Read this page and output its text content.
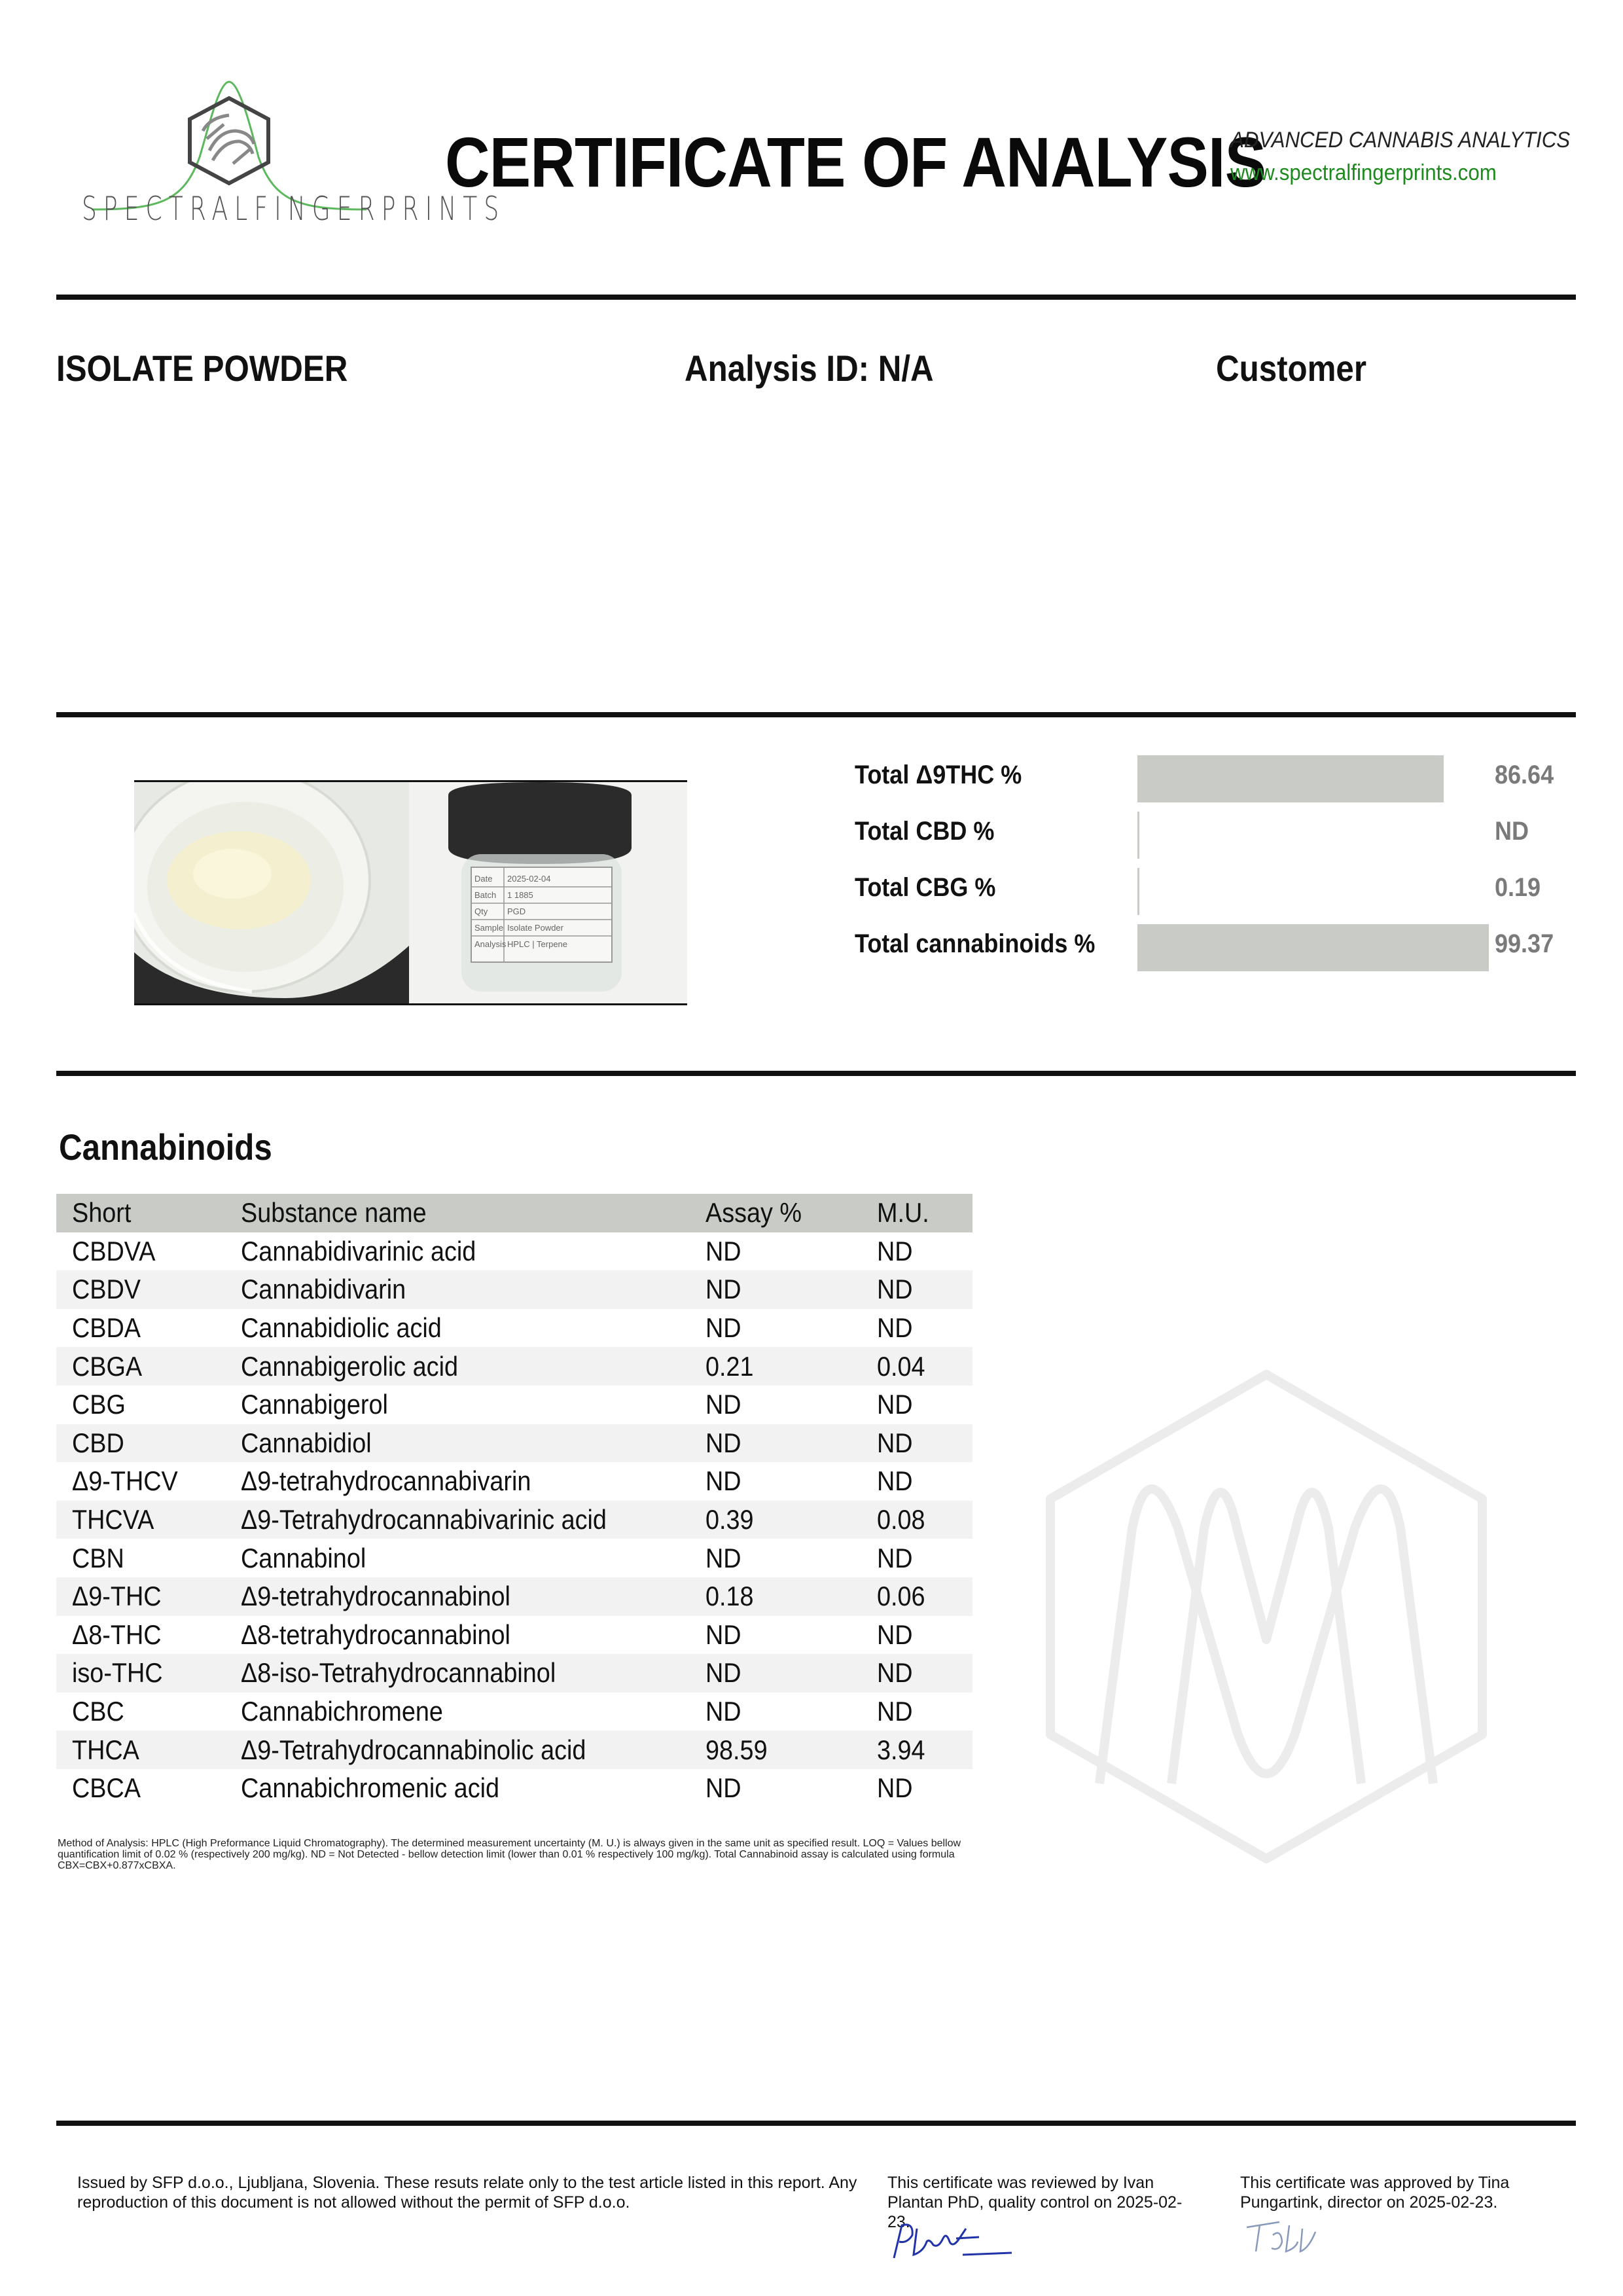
SPECTRALFINGERPRINTS
CERTIFICATE OF ANALYSIS
ADVANCED CANNABIS ANALYTICS
www.spectralfingerprints.com
ISOLATE POWDER	Analysis ID: N/A	Customer
Date 2025-02-04
Batch 1 1885
Qty PGD
Sample Isolate Powder
Analysis HPLC | Terpene
Total Δ9THC %	86.64
Total CBD %	ND
Total CBG %	0.19
Total cannabinoids %	99.37
Cannabinoids
Short	Substance name	Assay %	M.U.
CBDVA	Cannabidivarinic acid	ND	ND
CBDV	Cannabidivarin	ND	ND
CBDA	Cannabidiolic acid	ND	ND
CBGA	Cannabigerolic acid	0.21	0.04
CBG	Cannabigerol	ND	ND
CBD	Cannabidiol	ND	ND
Δ9-THCV	Δ9-tetrahydrocannabivarin	ND	ND
THCVA	Δ9-Tetrahydrocannabivarinic acid	0.39	0.08
CBN	Cannabinol	ND	ND
Δ9-THC	Δ9-tetrahydrocannabinol	0.18	0.06
Δ8-THC	Δ8-tetrahydrocannabinol	ND	ND
iso-THC	Δ8-iso-Tetrahydrocannabinol	ND	ND
CBC	Cannabichromene	ND	ND
THCA	Δ9-Tetrahydrocannabinolic acid	98.59	3.94
CBCA	Cannabichromenic acid	ND	ND
Method of Analysis: HPLC (High Preformance Liquid Chromatography). The determined measurement uncertainty (M. U.) is always given in the same unit as specified result. LOQ = Values bellow quantification limit of 0.02 % (respectively 200 mg/kg). ND = Not Detected - bellow detection limit (lower than 0.01 % respectively 100 mg/kg). Total Cannabinoid assay is calculated using formula CBX=CBX+0.877xCBXA.
Issued by SFP d.o.o., Ljubljana, Slovenia. These resuts relate only to the test article listed in this report. Any reproduction of this document is not allowed without the permit of SFP d.o.o.
This certificate was reviewed by Ivan Plantan PhD, quality control on 2025-02-23.
This certificate was approved by Tina Pungartink, director on 2025-02-23.
